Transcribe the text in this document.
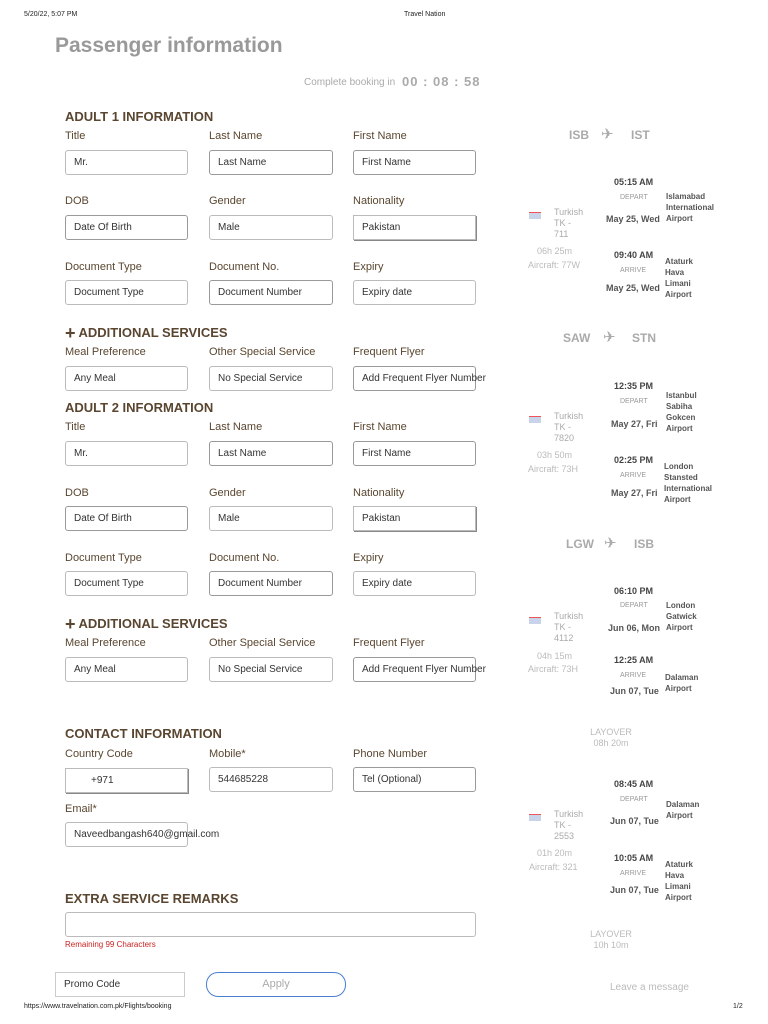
5/20/22, 5:07 PM	Travel Nation
Passenger information
Complete booking in 00 : 08 : 58
ADULT 1 INFORMATION
Title	Last Name	First Name
Mr.	Last Name	First Name
DOB	Gender	Nationality
Date Of Birth	Male	Pakistan
Document Type	Document No.	Expiry
Document Type	Document Number	Expiry date
+ ADDITIONAL SERVICES
Meal Preference	Other Special Service	Frequent Flyer
Any Meal	No Special Service	Add Frequent Flyer Number
ADULT 2 INFORMATION
Title	Last Name	First Name
Mr.	Last Name	First Name
DOB	Gender	Nationality
Date Of Birth	Male	Pakistan
Document Type	Document No.	Expiry
Document Type	Document Number	Expiry date
+ ADDITIONAL SERVICES
Meal Preference	Other Special Service	Frequent Flyer
Any Meal	No Special Service	Add Frequent Flyer Number
CONTACT INFORMATION
Country Code	Mobile*	Phone Number
+971	544685228	Tel (Optional)
Email*
Naveedbangash640@gmail.com
EXTRA SERVICE REMARKS
Remaining 99 Characters
Promo Code	Apply	Leave a message
ISB ✈ IST
05:15 AM
DEPART
May 25, Wed
Islamabad
International
Airport
Turkish
TK -
711
06h 25m
Aircraft: 77W
09:40 AM
ARRIVE
May 25, Wed
Ataturk
Hava
Limani
Airport
SAW ✈ STN
12:35 PM
DEPART
May 27, Fri
Istanbul
Sabiha
Gokcen
Airport
Turkish
TK -
7820
03h 50m
Aircraft: 73H
02:25 PM
ARRIVE
May 27, Fri
London
Stansted
International
Airport
LGW ✈ ISB
06:10 PM
DEPART
Jun 06, Mon
London
Gatwick
Airport
Turkish
TK -
4112
04h 15m
Aircraft: 73H
12:25 AM
ARRIVE
Jun 07, Tue
Dalaman
Airport
LAYOVER
08h 20m
08:45 AM
DEPART
Jun 07, Tue
Dalaman
Airport
Turkish
TK -
2553
01h 20m
Aircraft: 321
10:05 AM
ARRIVE
Jun 07, Tue
Ataturk
Hava
Limani
Airport
LAYOVER
10h 10m
https://www.travelnation.com.pk/Flights/booking	1/2
